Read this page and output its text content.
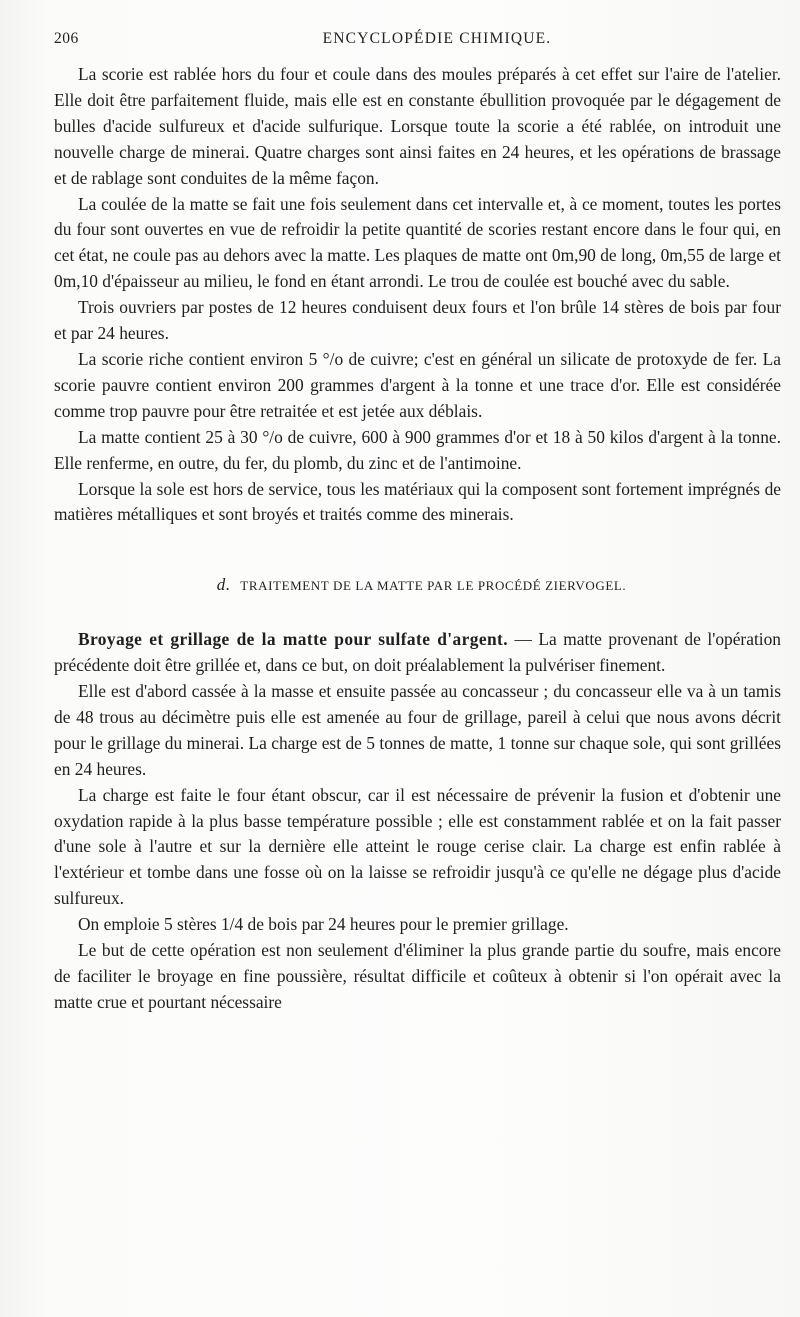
206	ENCYCLOPÉDIE CHIMIQUE.

La scorie est rablée hors du four et coule dans des moules préparés à cet effet sur l'aire de l'atelier. Elle doit être parfaitement fluide, mais elle est en constante ébullition provoquée par le dégagement de bulles d'acide sulfureux et d'acide sulfurique. Lorsque toute la scorie a été rablée, on introduit une nouvelle charge de minerai. Quatre charges sont ainsi faites en 24 heures, et les opérations de brassage et de rablage sont conduites de la même façon.

La coulée de la matte se fait une fois seulement dans cet intervalle et, à ce moment, toutes les portes du four sont ouvertes en vue de refroidir la petite quantité de scories restant encore dans le four qui, en cet état, ne coule pas au dehors avec la matte. Les plaques de matte ont 0m,90 de long, 0m,55 de large et 0m,10 d'épaisseur au milieu, le fond en étant arrondi. Le trou de coulée est bouché avec du sable.

Trois ouvriers par postes de 12 heures conduisent deux fours et l'on brûle 14 stères de bois par four et par 24 heures.

La scorie riche contient environ 5 °/o de cuivre; c'est en général un silicate de protoxyde de fer. La scorie pauvre contient environ 200 grammes d'argent à la tonne et une trace d'or. Elle est considérée comme trop pauvre pour être retraitée et est jetée aux déblais.

La matte contient 25 à 30 °/o de cuivre, 600 à 900 grammes d'or et 18 à 50 kilos d'argent à la tonne. Elle renferme, en outre, du fer, du plomb, du zinc et de l'antimoine.

Lorsque la sole est hors de service, tous les matériaux qui la composent sont fortement imprégnés de matières métalliques et sont broyés et traités comme des minerais.

d. TRAITEMENT DE LA MATTE PAR LE PROCÉDÉ ZIERVOGEL.

Broyage et grillage de la matte pour sulfate d'argent. — La matte provenant de l'opération précédente doit être grillée et, dans ce but, on doit préalablement la pulvériser finement.

Elle est d'abord cassée à la masse et ensuite passée au concasseur ; du concasseur elle va à un tamis de 48 trous au décimètre puis elle est amenée au four de grillage, pareil à celui que nous avons décrit pour le grillage du minerai. La charge est de 5 tonnes de matte, 1 tonne sur chaque sole, qui sont grillées en 24 heures.

La charge est faite le four étant obscur, car il est nécessaire de prévenir la fusion et d'obtenir une oxydation rapide à la plus basse température possible ; elle est constamment rablée et on la fait passer d'une sole à l'autre et sur la dernière elle atteint le rouge cerise clair. La charge est enfin rablée à l'extérieur et tombe dans une fosse où on la laisse se refroidir jusqu'à ce qu'elle ne dégage plus d'acide sulfureux.

On emploie 5 stères 1/4 de bois par 24 heures pour le premier grillage.

Le but de cette opération est non seulement d'éliminer la plus grande partie du soufre, mais encore de faciliter le broyage en fine poussière, résultat difficile et coûteux à obtenir si l'on opérait avec la matte crue et pourtant nécessaire
